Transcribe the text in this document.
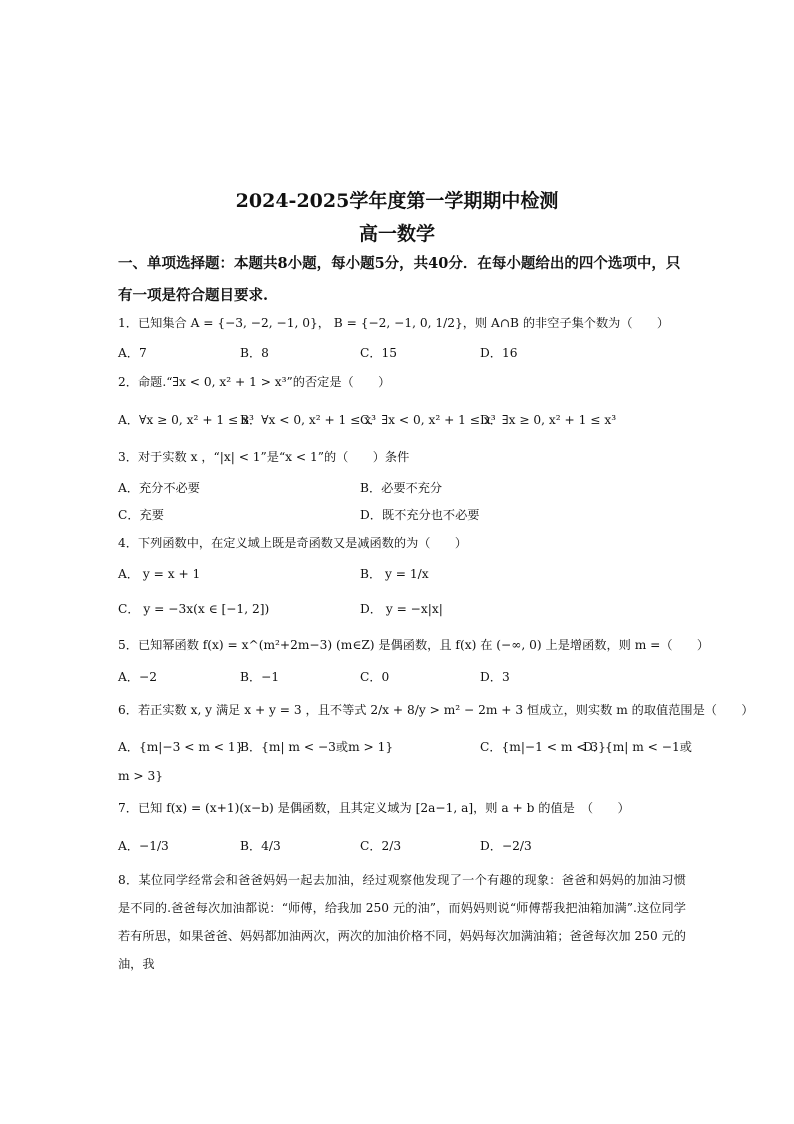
2024-2025学年度第一学期期中检测
高一数学
一、单项选择题：本题共8小题，每小题5分，共40分．在每小题给出的四个选项中，只有一项是符合题目要求.
1．已知集合 A = {−3, −2, −1, 0}， B = {−2, −1, 0, 1/2}，则 A∩B 的非空子集个数为（　　）
A．7	B．8	C．15	D．16
2．命题.“∃x < 0, x² + 1 > x³”的否定是（　　）
A．∀x ≥ 0, x² + 1 ≤ x³
B．∀x < 0, x² + 1 ≤ x³
C．∃x < 0, x² + 1 ≤ x³
D．∃x ≥ 0, x² + 1 ≤ x³
3．对于实数 x ，“|x| < 1”是“x < 1”的（　　）条件
A．充分不必要	B．必要不充分
C．充要	D．既不充分也不必要
4．下列函数中，在定义域上既是奇函数又是减函数的为（　　）
A． y = x + 1	B． y = 1/x
C． y = −3x(x ∈ [−1, 2])	D． y = −x|x|
5．已知幂函数 f(x) = x^(m²+2m−3) (m∈Z) 是偶函数，且 f(x) 在 (−∞, 0) 上是增函数，则 m =（　　）
A．−2	B．−1	C．0	D．3
6．若正实数 x, y 满足 x + y = 3 ，且不等式 2/x + 8/y > m² − 2m + 3 恒成立，则实数 m 的取值范围是（　　）
A．{m|−3 < m < 1}
B．{m| m < −3或m > 1}	C．{m|−1 < m < 3}
D．{m| m < −1或
m > 3}
7．已知 f(x) = (x+1)(x−b) 是偶函数，且其定义域为 [2a−1, a]，则 a + b 的值是　（　　）
A．−1/3	B．4/3	C．2/3	D．−2/3
8．某位同学经常会和爸爸妈妈一起去加油，经过观察他发现了一个有趣的现象：爸爸和妈妈的加油习惯是不同的.爸爸每次加油都说：“师傅，给我加 250 元的油”，而妈妈则说“师傅帮我把油箱加满”.这位同学若有所思，如果爸爸、妈妈都加油两次，两次的加油价格不同，妈妈每次加满油箱；爸爸每次加 250 元的油，我
